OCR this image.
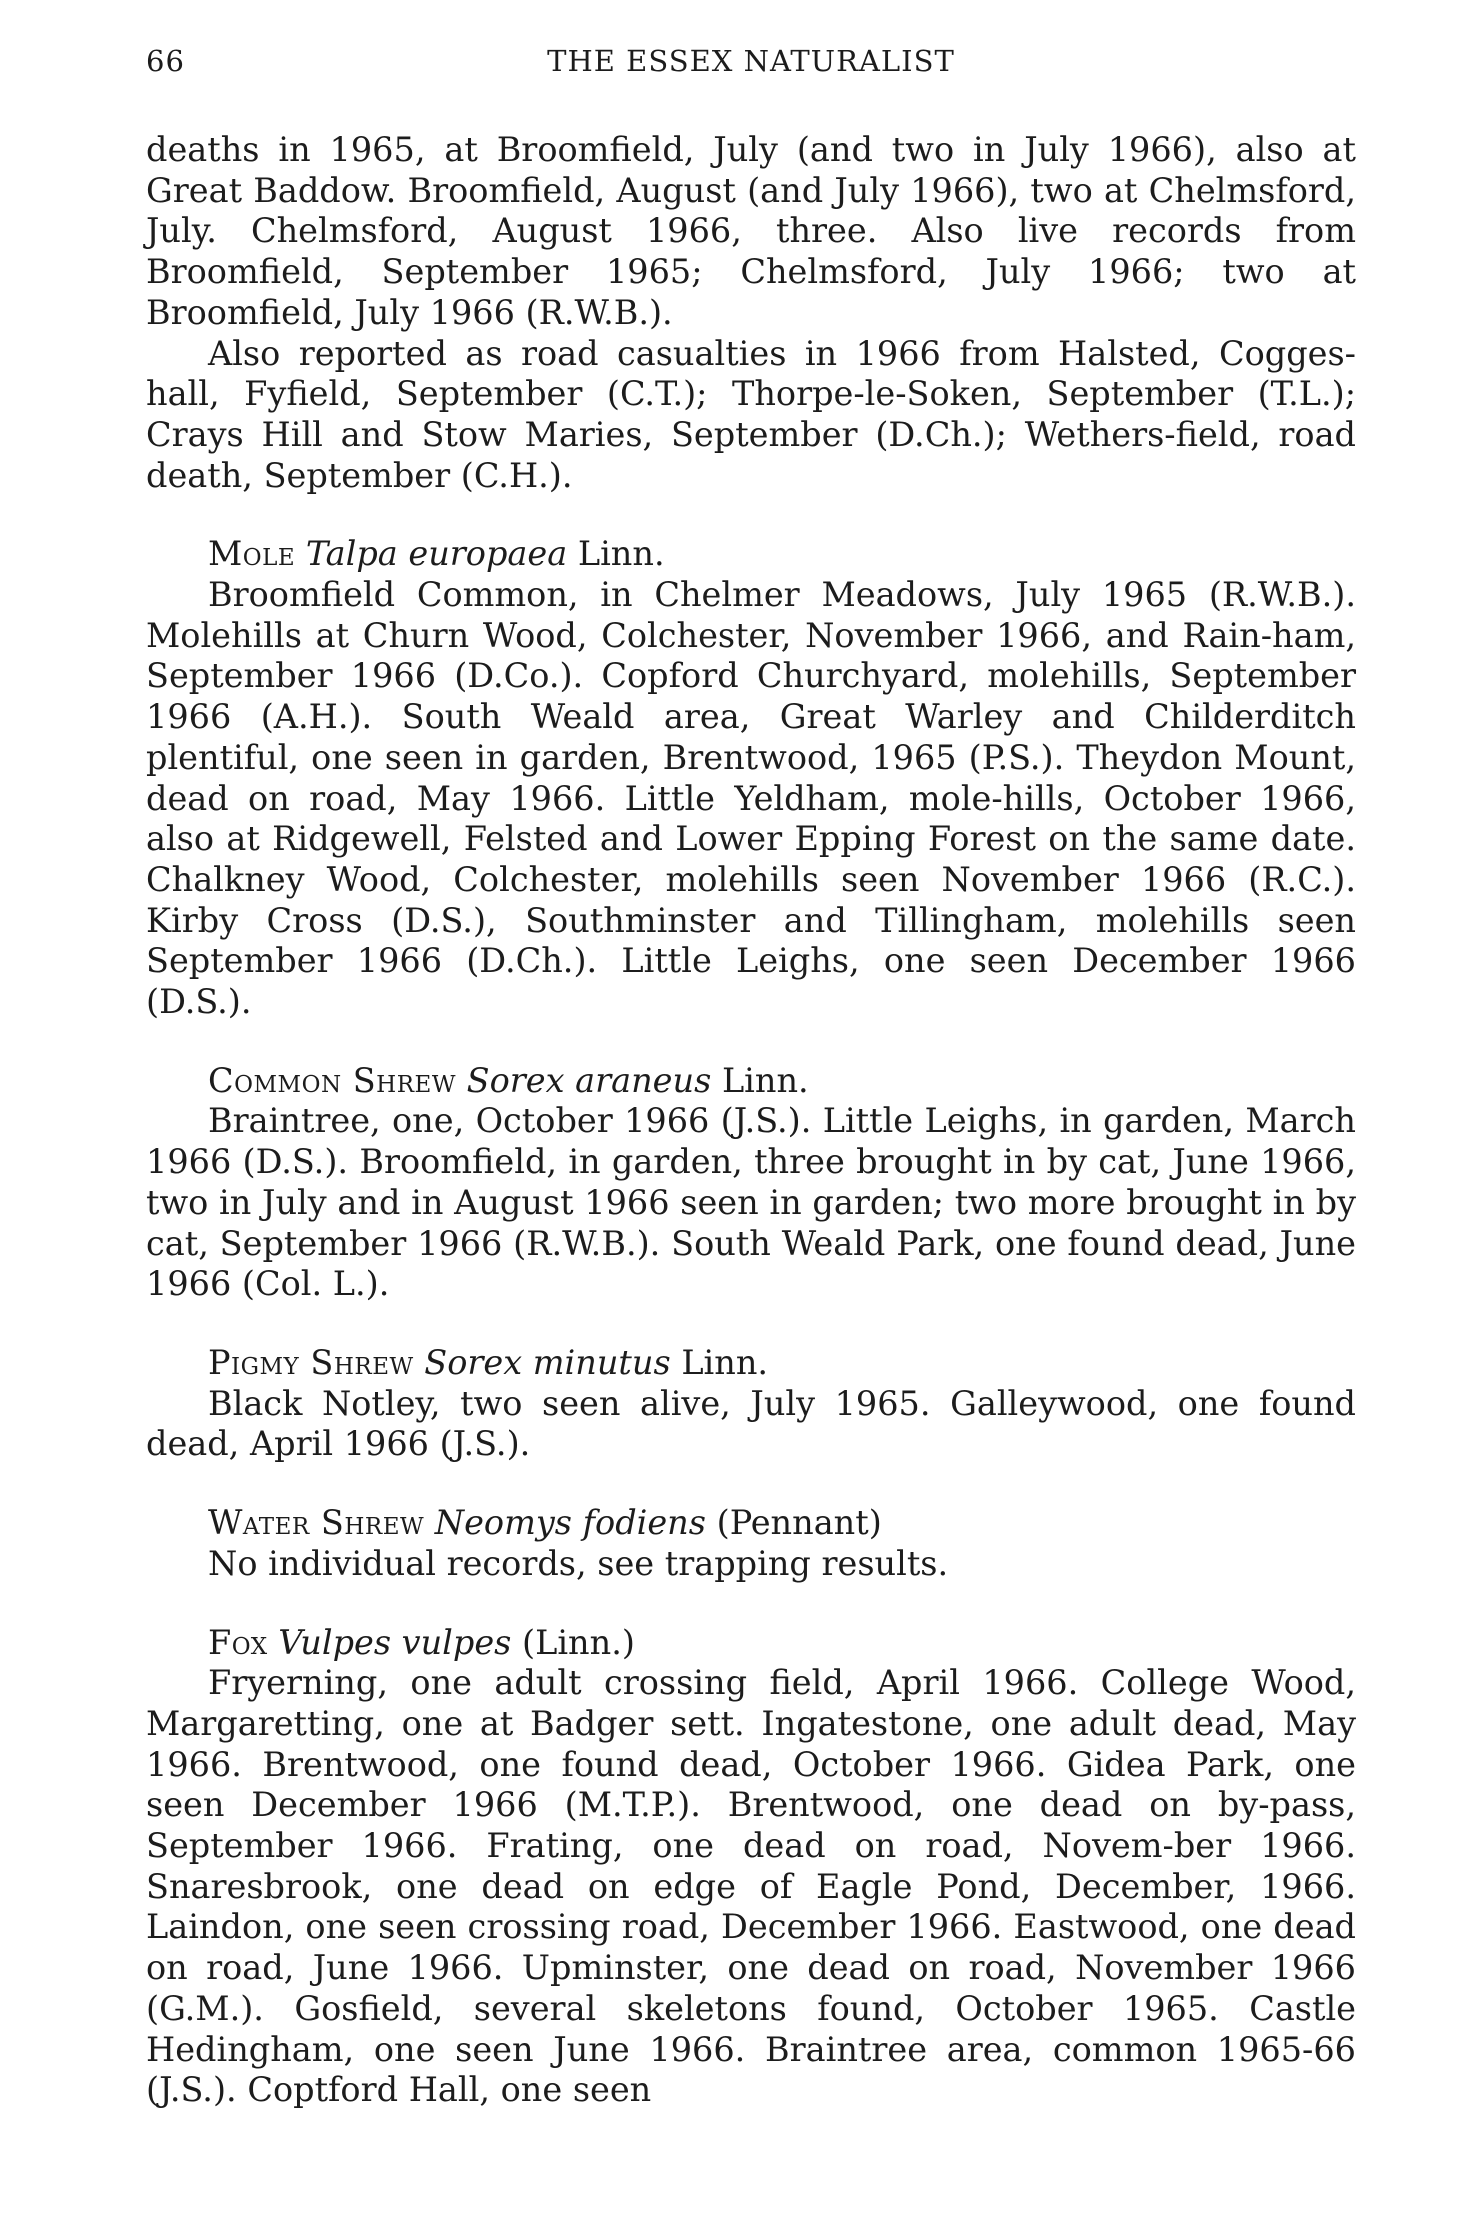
66	THE ESSEX NATURALIST

deaths in 1965, at Broomfield, July (and two in July 1966), also at Great Baddow. Broomfield, August (and July 1966), two at Chelmsford, July. Chelmsford, August 1966, three. Also live records from Broomfield, September 1965; Chelmsford, July 1966; two at Broomfield, July 1966 (R.W.B.).

Also reported as road casualties in 1966 from Halsted, Cogges-hall, Fyfield, September (C.T.); Thorpe-le-Soken, September (T.L.); Crays Hill and Stow Maries, September (D.Ch.); Wethers-field, road death, September (C.H.).

Mole Talpa europaea Linn.

Broomfield Common, in Chelmer Meadows, July 1965 (R.W.B.). Molehills at Churn Wood, Colchester, November 1966, and Rain-ham, September 1966 (D.Co.). Copford Churchyard, molehills, September 1966 (A.H.). South Weald area, Great Warley and Childerditch plentiful, one seen in garden, Brentwood, 1965 (P.S.). Theydon Mount, dead on road, May 1966. Little Yeldham, mole-hills, October 1966, also at Ridgewell, Felsted and Lower Epping Forest on the same date. Chalkney Wood, Colchester, molehills seen November 1966 (R.C.). Kirby Cross (D.S.), Southminster and Tillingham, molehills seen September 1966 (D.Ch.). Little Leighs, one seen December 1966 (D.S.).

Common Shrew Sorex araneus Linn.

Braintree, one, October 1966 (J.S.). Little Leighs, in garden, March 1966 (D.S.). Broomfield, in garden, three brought in by cat, June 1966, two in July and in August 1966 seen in garden; two more brought in by cat, September 1966 (R.W.B.). South Weald Park, one found dead, June 1966 (Col. L.).

Pigmy Shrew Sorex minutus Linn.

Black Notley, two seen alive, July 1965. Galleywood, one found dead, April 1966 (J.S.).

Water Shrew Neomys fodiens (Pennant)

No individual records, see trapping results.

Fox Vulpes vulpes (Linn.)

Fryerning, one adult crossing field, April 1966. College Wood, Margaretting, one at Badger sett. Ingatestone, one adult dead, May 1966. Brentwood, one found dead, October 1966. Gidea Park, one seen December 1966 (M.T.P.). Brentwood, one dead on by-pass, September 1966. Frating, one dead on road, Novem-ber 1966. Snaresbrook, one dead on edge of Eagle Pond, December, 1966. Laindon, one seen crossing road, December 1966. Eastwood, one dead on road, June 1966. Upminster, one dead on road, November 1966 (G.M.). Gosfield, several skeletons found, October 1965. Castle Hedingham, one seen June 1966. Braintree area, common 1965-66 (J.S.). Coptford Hall, one seen
